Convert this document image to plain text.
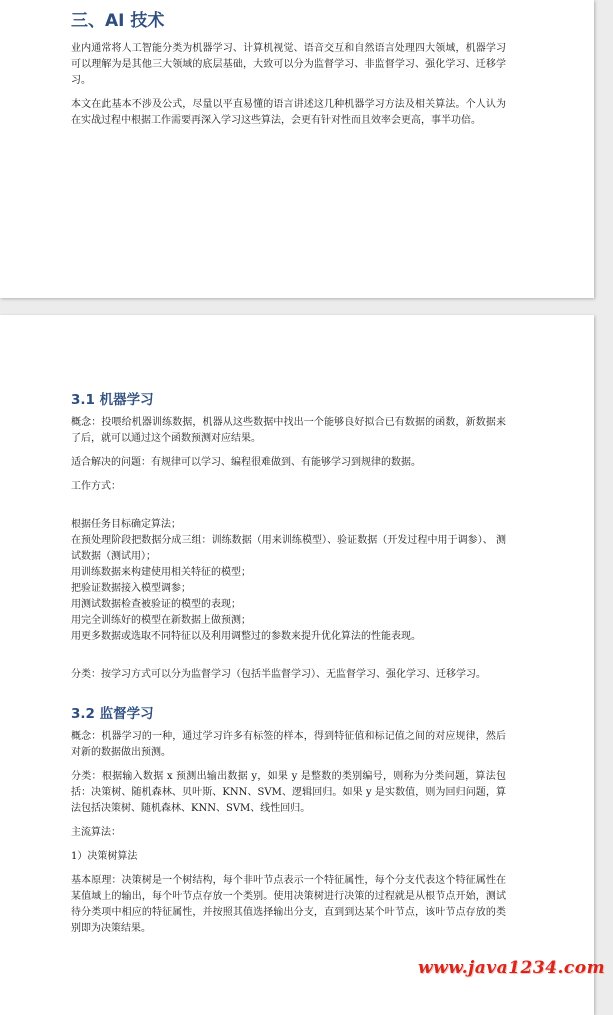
三、AI 技术

业内通常将人工智能分类为机器学习、计算机视觉、语音交互和自然语言处理四大领域，机器学习可以理解为是其他三大领域的底层基础，大致可以分为监督学习、非监督学习、强化学习、迁移学习。

本文在此基本不涉及公式，尽量以平直易懂的语言讲述这几种机器学习方法及相关算法。个人认为在实战过程中根据工作需要再深入学习这些算法，会更有针对性而且效率会更高，事半功倍。

3.1 机器学习

概念：投喂给机器训练数据，机器从这些数据中找出一个能够良好拟合已有数据的函数，新数据来了后，就可以通过这个函数预测对应结果。

适合解决的问题：有规律可以学习、编程很难做到、有能够学习到规律的数据。

工作方式：

根据任务目标确定算法；

在预处理阶段把数据分成三组：训练数据（用来训练模型）、验证数据（开发过程中用于调参）、 测试数据（测试用）；

用训练数据来构建使用相关特征的模型；

把验证数据接入模型调参；

用测试数据检查被验证的模型的表现；

用完全训练好的模型在新数据上做预测；

用更多数据或选取不同特征以及利用调整过的参数来提升优化算法的性能表现。

分类：按学习方式可以分为监督学习（包括半监督学习）、无监督学习、强化学习、迁移学习。

3.2 监督学习

概念：机器学习的一种，通过学习许多有标签的样本，得到特征值和标记值之间的对应规律，然后对新的数据做出预测。

分类：根据输入数据 x 预测出输出数据 y，如果 y 是整数的类别编号，则称为分类问题，算法包括：决策树、随机森林、贝叶斯、KNN、SVM、逻辑回归。如果 y 是实数值，则为回归问题，算法包括决策树、随机森林、KNN、SVM、线性回归。

主流算法：

1）决策树算法

基本原理：决策树是一个树结构，每个非叶节点表示一个特征属性，每个分支代表这个特征属性在某值域上的输出，每个叶节点存放一个类别。使用决策树进行决策的过程就是从根节点开始，测试待分类项中相应的特征属性，并按照其值选择输出分支，直到到达某个叶节点，该叶节点存放的类别即为决策结果。

www.java1234.com
